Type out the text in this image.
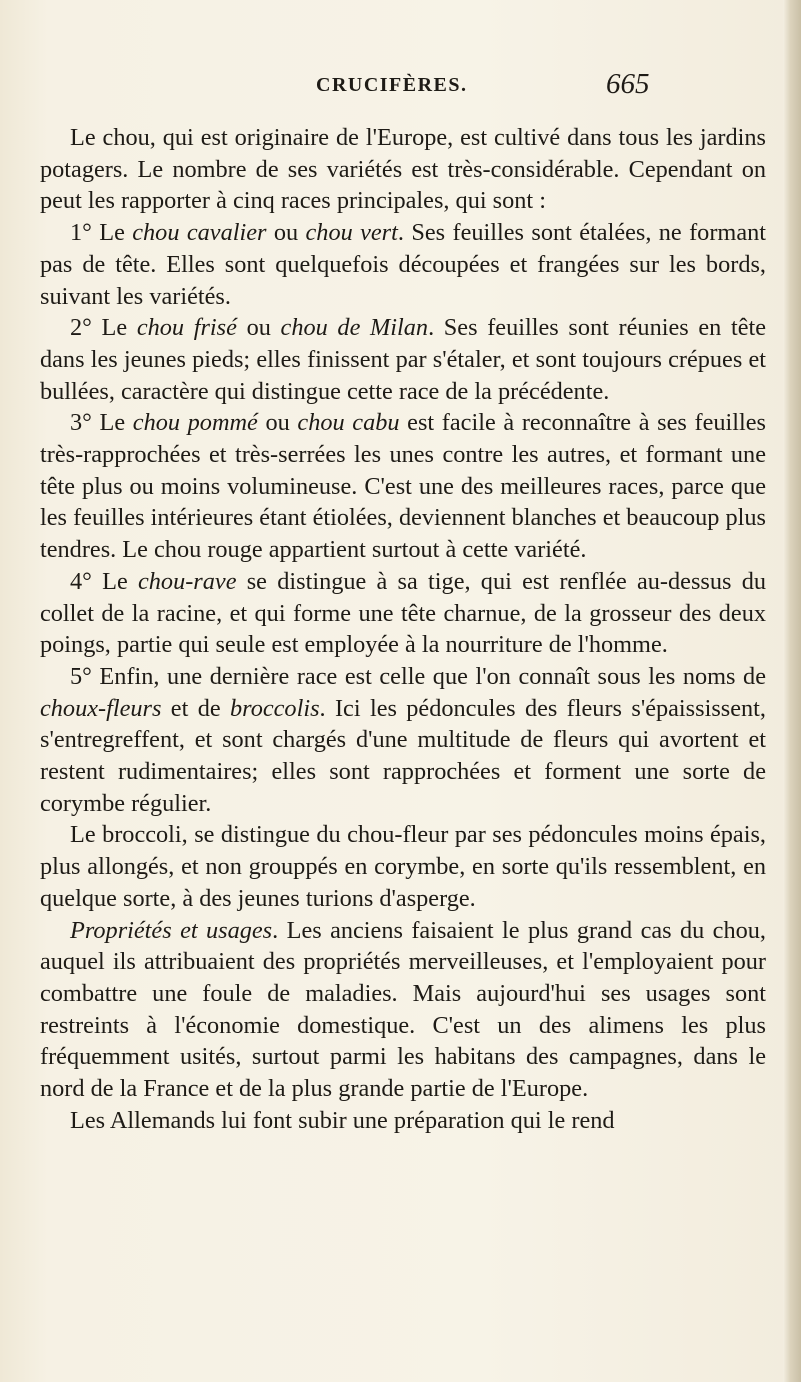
CRUCIFÈRES.	665

Le chou, qui est originaire de l'Europe, est cultivé dans tous les jardins potagers. Le nombre de ses variétés est très-considérable. Cependant on peut les rapporter à cinq races principales, qui sont :

1° Le chou cavalier ou chou vert. Ses feuilles sont étalées, ne formant pas de tête. Elles sont quelquefois découpées et frangées sur les bords, suivant les variétés.

2° Le chou frisé ou chou de Milan. Ses feuilles sont réunies en tête dans les jeunes pieds; elles finissent par s'étaler, et sont toujours crépues et bullées, caractère qui distingue cette race de la précédente.

3° Le chou pommé ou chou cabu est facile à reconnaître à ses feuilles très-rapprochées et très-serrées les unes contre les autres, et formant une tête plus ou moins volumineuse. C'est une des meilleures races, parce que les feuilles intérieures étant étiolées, deviennent blanches et beaucoup plus tendres. Le chou rouge appartient surtout à cette variété.

4° Le chou-rave se distingue à sa tige, qui est renflée au-dessus du collet de la racine, et qui forme une tête charnue, de la grosseur des deux poings, partie qui seule est employée à la nourriture de l'homme.

5° Enfin, une dernière race est celle que l'on connaît sous les noms de choux-fleurs et de broccolis. Ici les pédoncules des fleurs s'épaississent, s'entregreffent, et sont chargés d'une multitude de fleurs qui avortent et restent rudimentaires; elles sont rapprochées et forment une sorte de corymbe régulier.

Le broccoli, se distingue du chou-fleur par ses pédoncules moins épais, plus allongés, et non grouppés en corymbe, en sorte qu'ils ressemblent, en quelque sorte, à des jeunes turions d'asperge.

Propriétés et usages. Les anciens faisaient le plus grand cas du chou, auquel ils attribuaient des propriétés merveilleuses, et l'employaient pour combattre une foule de maladies. Mais aujourd'hui ses usages sont restreints à l'économie domestique. C'est un des alimens les plus fréquemment usités, surtout parmi les habitans des campagnes, dans le nord de la France et de la plus grande partie de l'Europe.

Les Allemands lui font subir une préparation qui le rend
